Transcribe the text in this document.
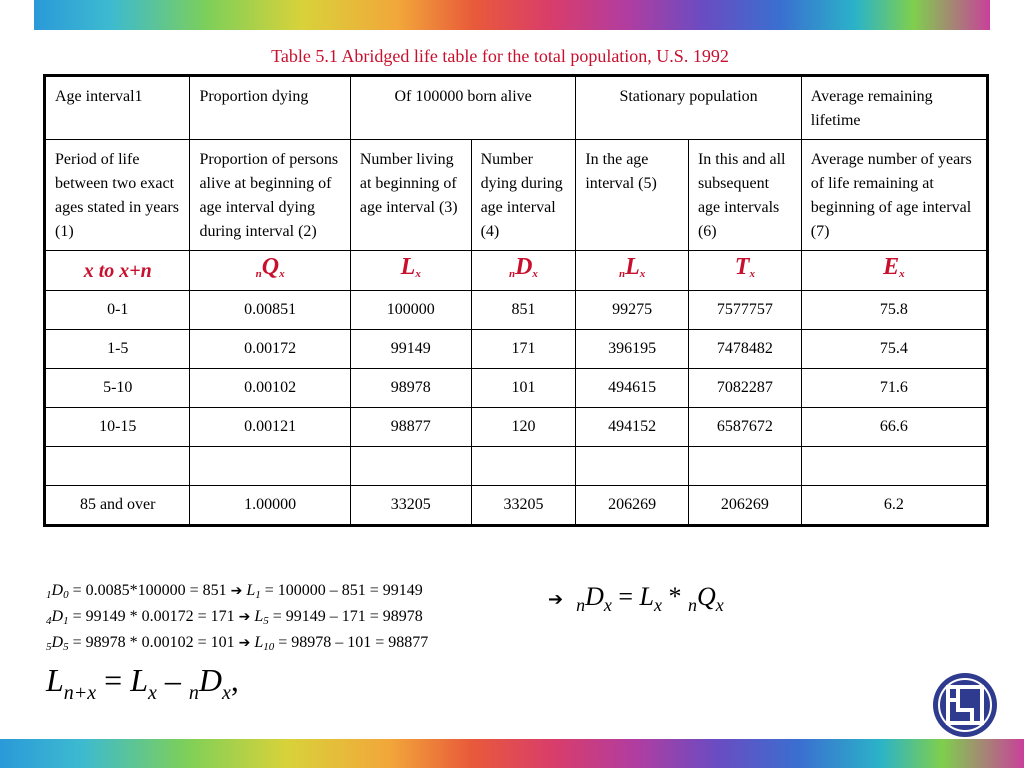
Table 5.1 Abridged life table for the total population, U.S. 1992
Age interval1	Proportion dying	Of 100000 born alive		Stationary population		Average remaining lifetime
Period of life between two exact ages stated in years (1)	Proportion of persons alive at beginning of age interval dying during interval (2)	Number living at beginning of age interval (3)	Number dying during age interval (4)	In the age interval (5)	In this and all subsequent age intervals (6)	Average number of years of life remaining at beginning of age interval (7)
x to x+n	$_nQ_x$	$L_x$	$_nD_x$	$_nL_x$	$T_x$	$E_x$
0-1	0.00851	100000	851	99275	7577757	75.8
1-5	0.00172	99149	171	396195	7478482	75.4
5-10	0.00102	98978	101	494615	7082287	71.6
10-15	0.00121	98877	120	494152	6587672	66.6

85 and over	1.00000	33205	33205	206269	206269	6.2
$_1D_0 = 0.0085*100000 = 851$ ➔ $L_1 = 100000 - 851 = 99149$
$_4D_1 = 99149 * 0.00172 = 171$ ➔ $L_5 = 99149 - 171 = 98978$
$_5D_5 = 98978 * 0.00102 = 101$ ➔ $L_{10} = 98978 - 101 = 98877$
➔ $_nD_x = L_x * _nQ_x$
$L_{n+x} = L_x - _nD_x$,
